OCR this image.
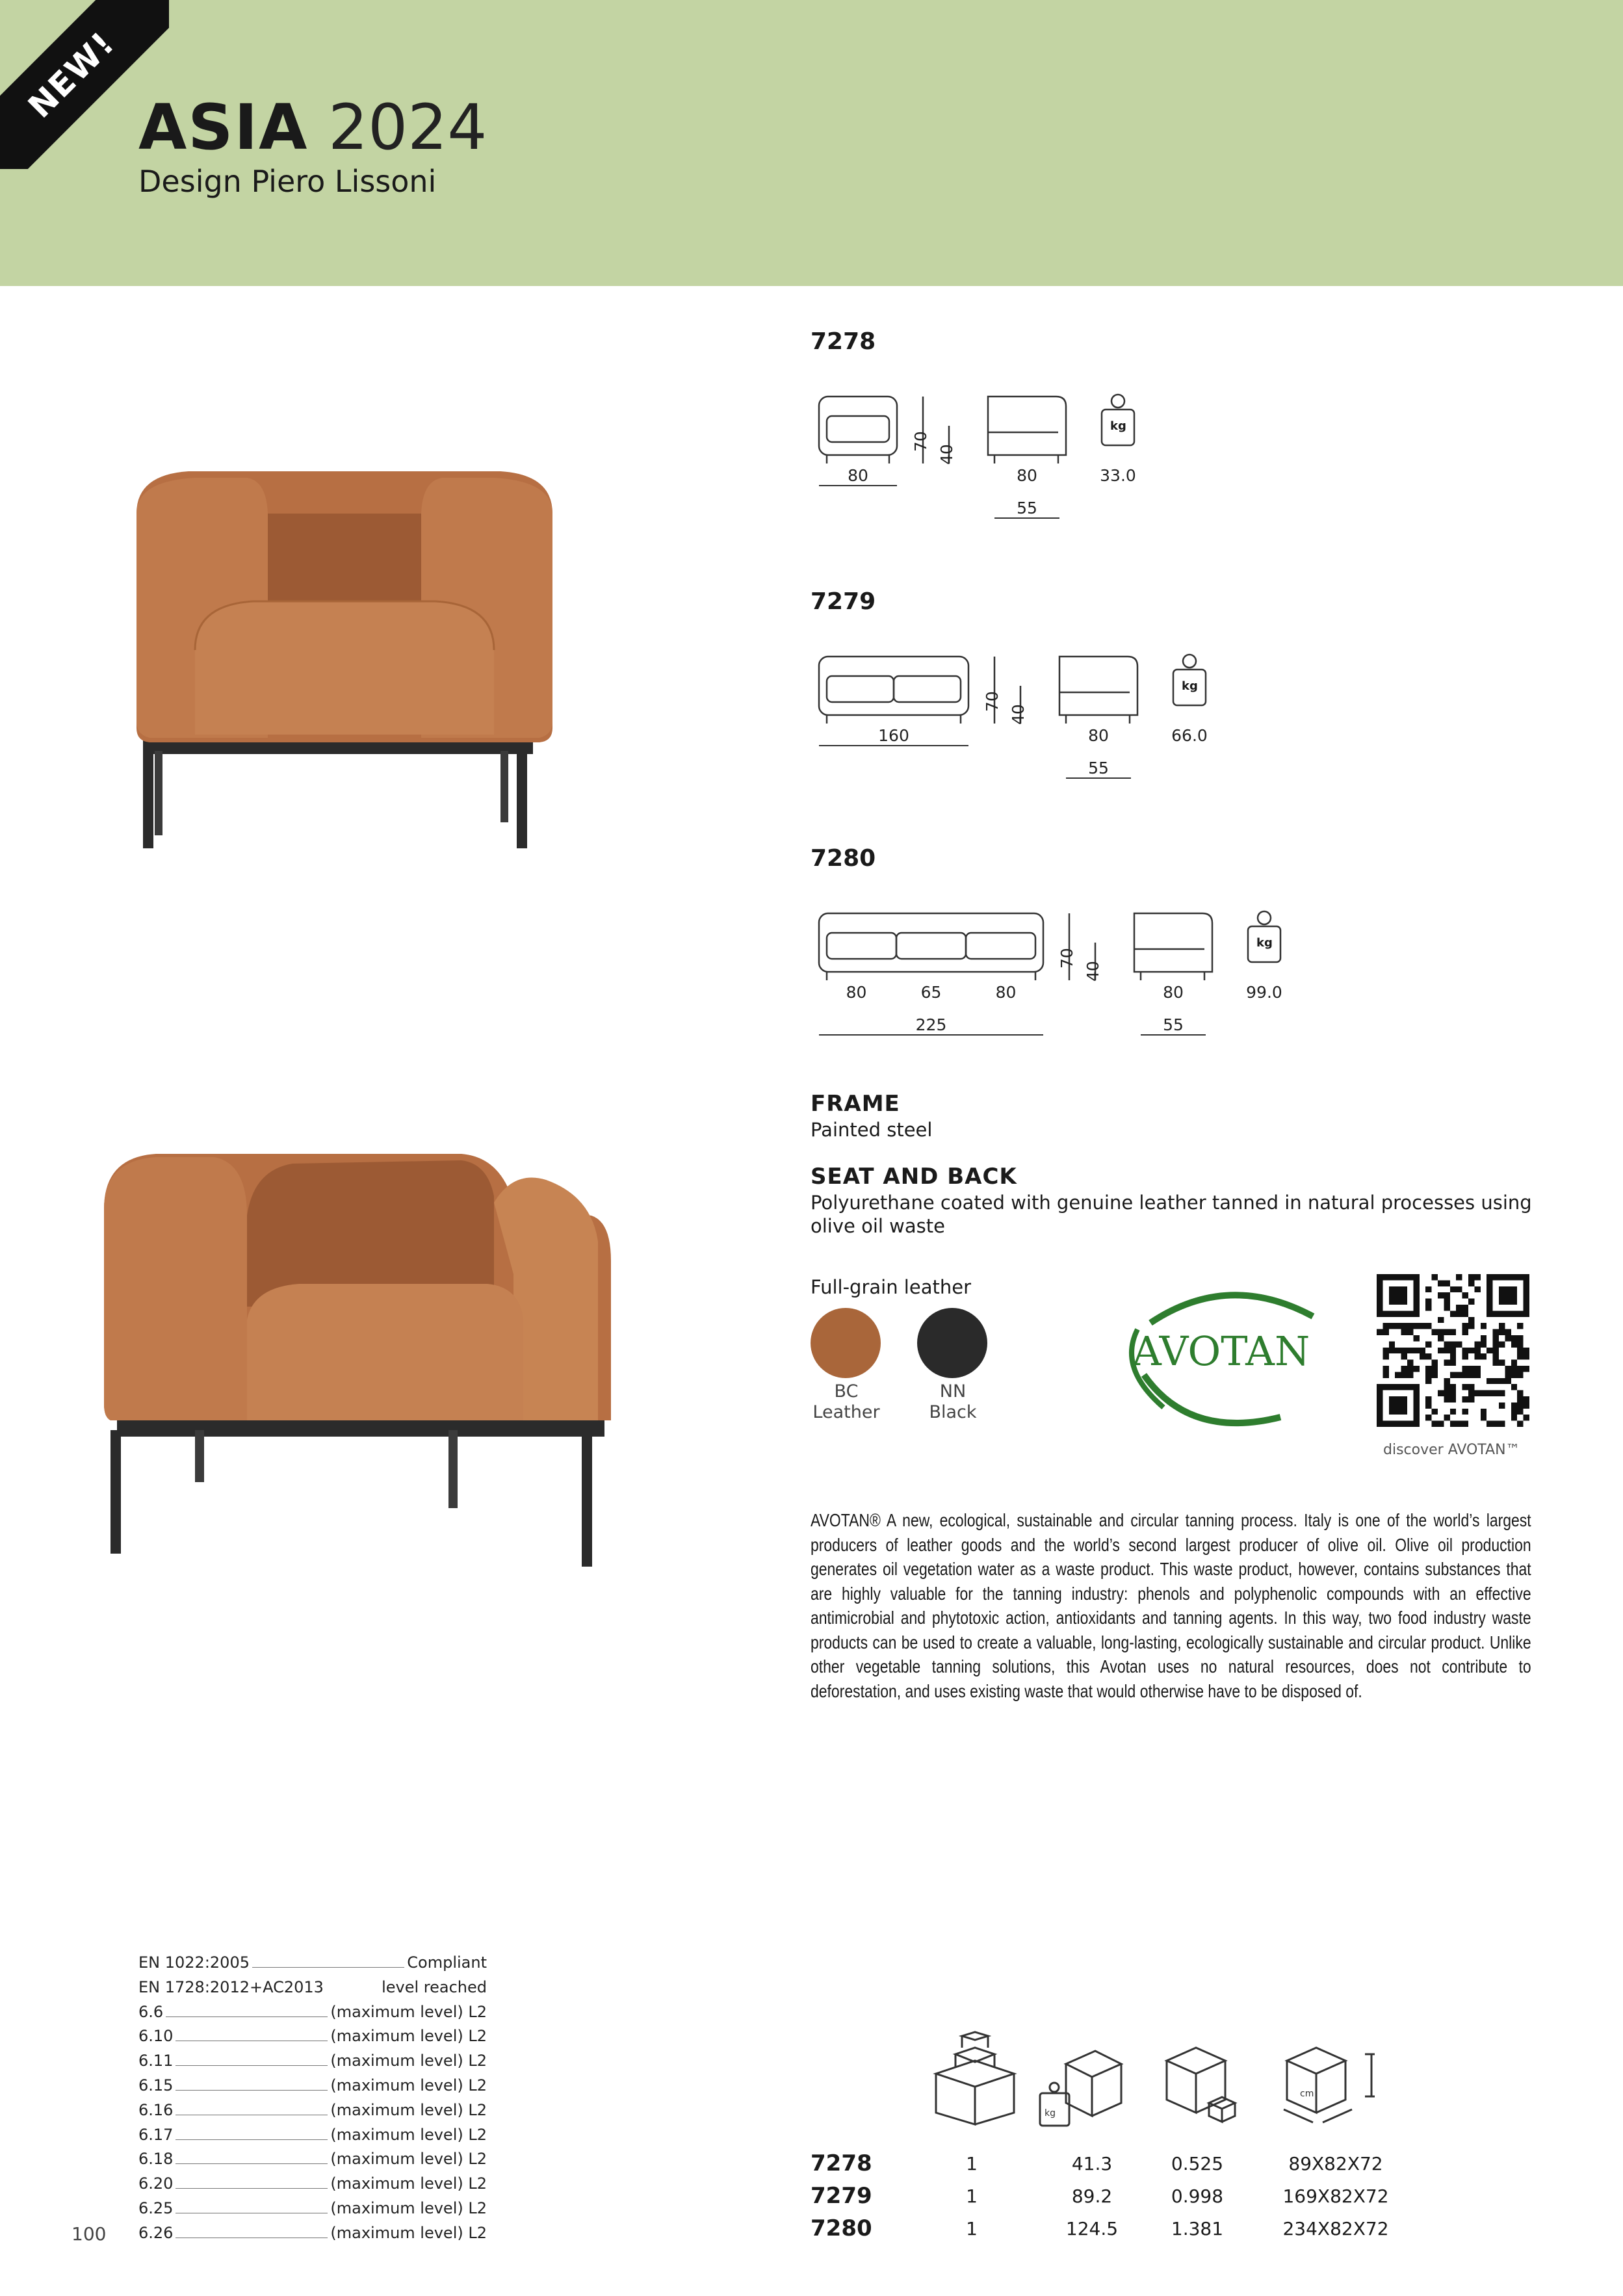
NEW!
ASIA 2024
Design Piero Lissoni
7278
80	80
55
70
40
33.0
kg
7279
160	80
55
70
40
66.0
kg
7280
80	65	80
225
80
55
70
40
99.0
kg
FRAME
Painted steel
SEAT AND BACK
Polyurethane coated with genuine leather tanned in natural processes using olive oil waste
Full-grain leather
BC
Leather
NN
Black
AVOTAN
discover AVOTAN™
AVOTAN® A new, ecological, sustainable and circular tanning process. Italy is one of the world’s largest producers of leather goods and the world’s second largest producer of olive oil. Olive oil production generates oil vegetation water as a waste product. This waste product, however, contains substances that are highly valuable for the tanning industry: phenols and polyphenolic compounds with an effective antimicrobial and phytotoxic action, antioxidants and tanning agents. In this way, two food industry waste products can be used to create a valuable, long-lasting, ecologically sustainable and circular product. Unlike other vegetable tanning solutions, this Avotan uses no natural resources, does not contribute to deforestation, and uses existing waste that would otherwise have to be disposed of.
EN 1022:2005	Compliant
EN 1728:2012+AC2013	level reached
6.6	(maximum level) L2
6.10	(maximum level) L2
6.11	(maximum level) L2
6.15	(maximum level) L2
6.16	(maximum level) L2
6.17	(maximum level) L2
6.18	(maximum level) L2
6.20	(maximum level) L2
6.25	(maximum level) L2
6.26	(maximum level) L2
100
kg
cm
7278	1	41.3	0.525	89X82X72
7279	1	89.2	0.998	169X82X72
7280	1	124.5	1.381	234X82X72
